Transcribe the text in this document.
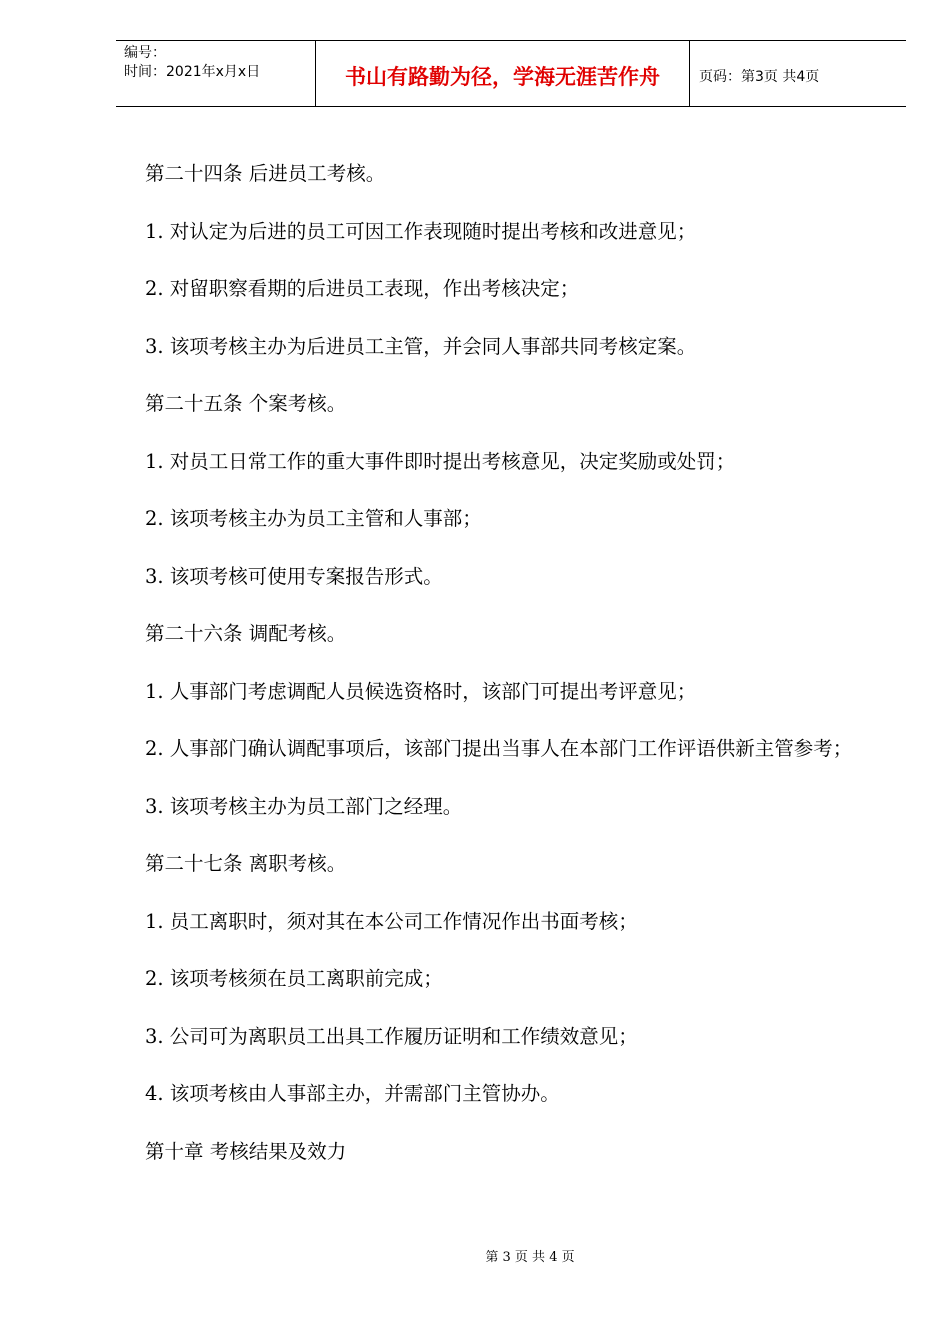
编号：
时间：2021年x月x日	书山有路勤为径，学海无涯苦作舟	页码：第3页 共4页

第二十四条 后进员工考核。

1. 对认定为后进的员工可因工作表现随时提出考核和改进意见；

2. 对留职察看期的后进员工表现，作出考核决定；

3. 该项考核主办为后进员工主管，并会同人事部共同考核定案。

第二十五条 个案考核。

1. 对员工日常工作的重大事件即时提出考核意见，决定奖励或处罚；

2. 该项考核主办为员工主管和人事部；

3. 该项考核可使用专案报告形式。

第二十六条 调配考核。

1. 人事部门考虑调配人员候选资格时，该部门可提出考评意见；

2. 人事部门确认调配事项后，该部门提出当事人在本部门工作评语供新主管参考；

3. 该项考核主办为员工部门之经理。

第二十七条 离职考核。

1. 员工离职时，须对其在本公司工作情况作出书面考核；

2. 该项考核须在员工离职前完成；

3. 公司可为离职员工出具工作履历证明和工作绩效意见；

4. 该项考核由人事部主办，并需部门主管协办。

第十章 考核结果及效力

第 3 页 共 4 页
